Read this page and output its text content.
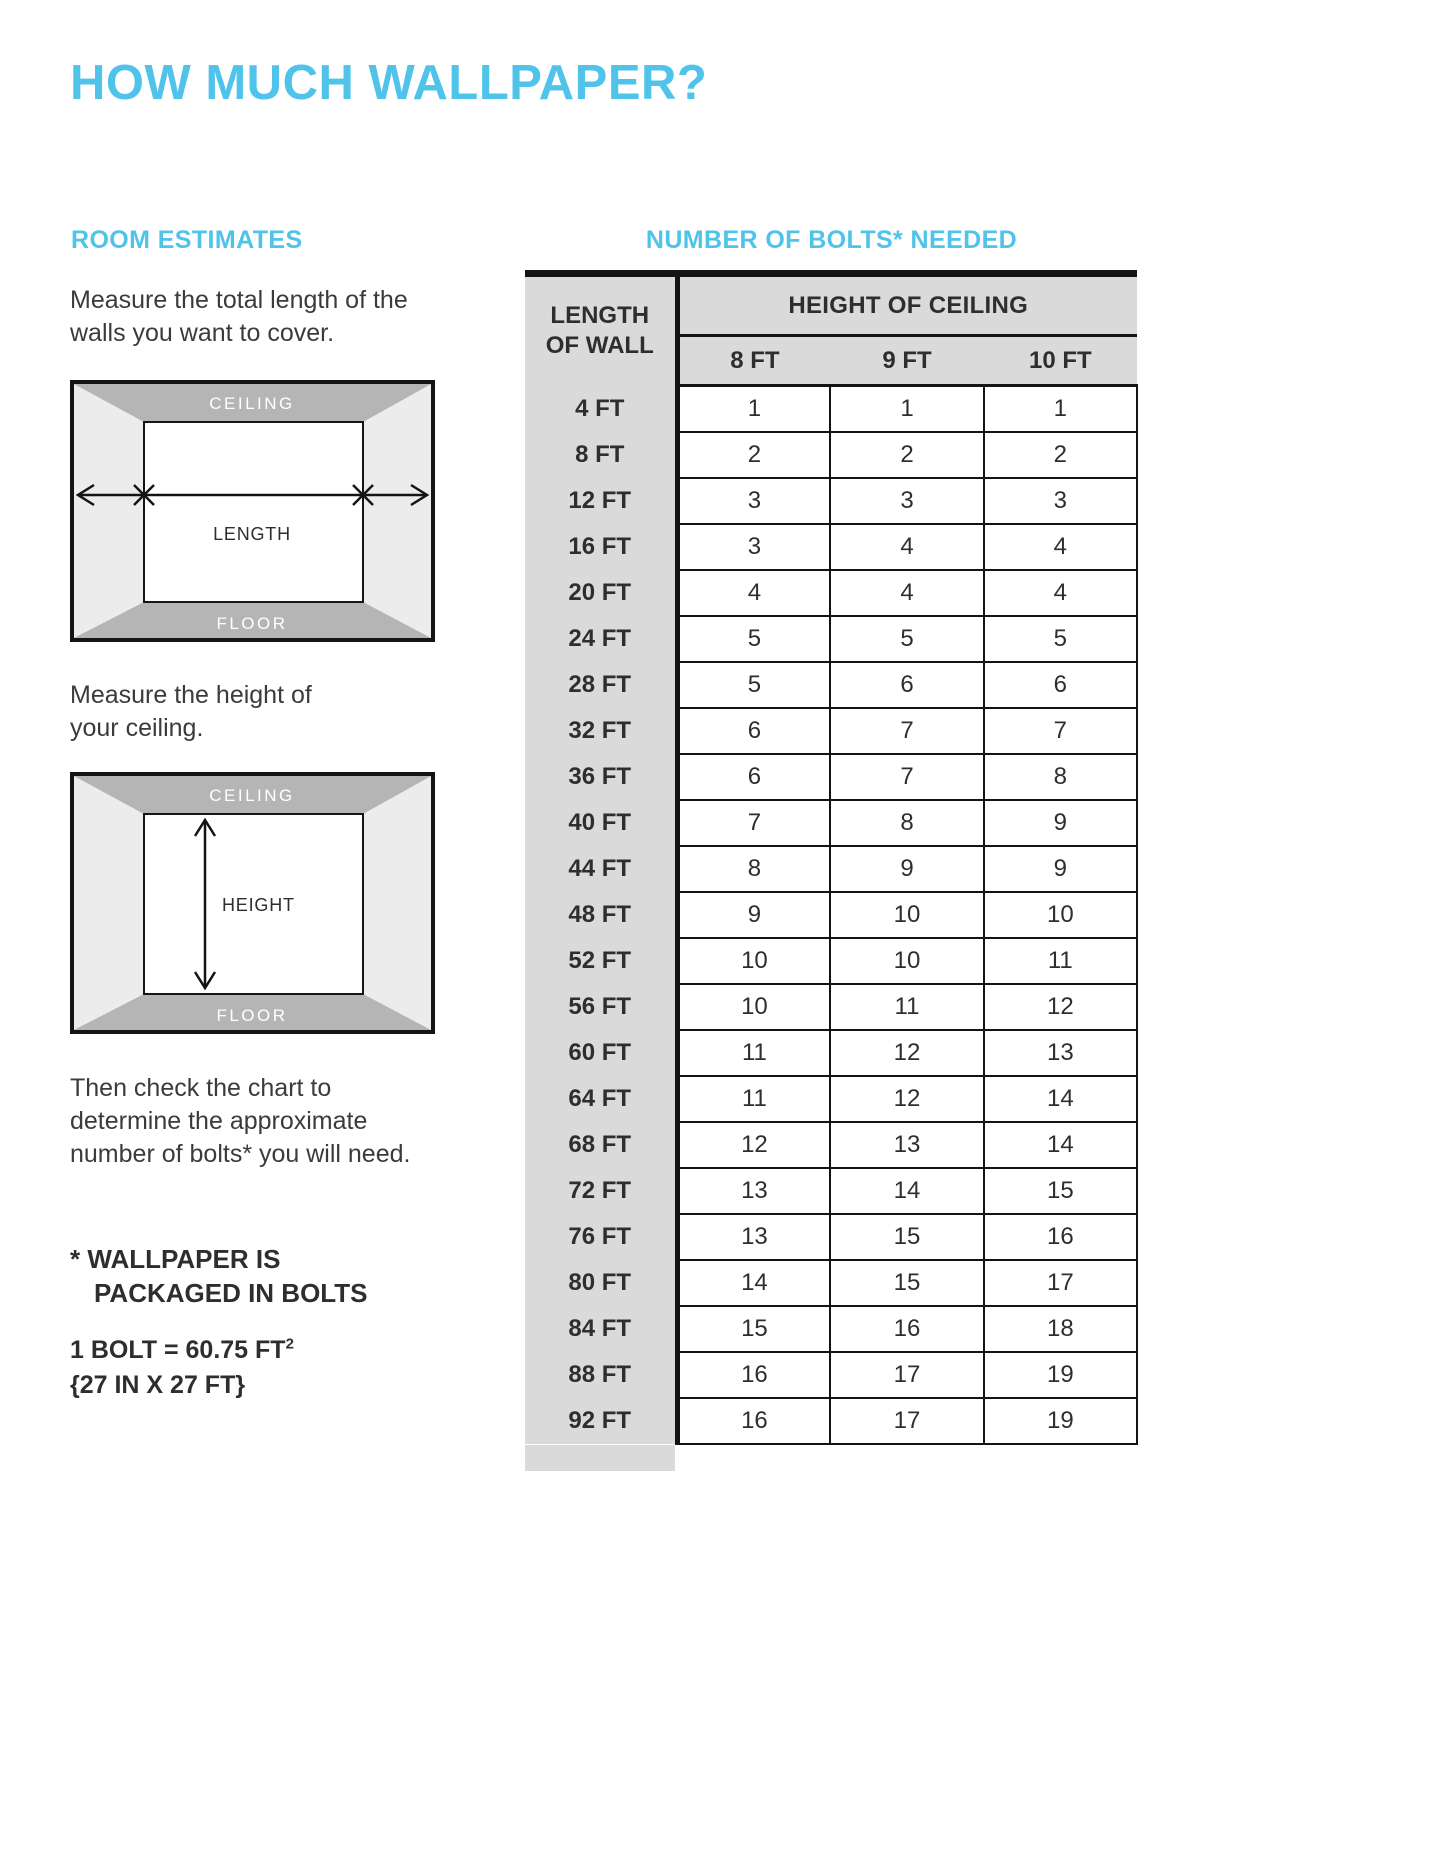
HOW MUCH WALLPAPER?
ROOM ESTIMATES

Measure the total length of the walls you want to cover.

CEILING
FLOOR
LENGTH

Measure the height of your ceiling.

CEILING
FLOOR
HEIGHT

Then check the chart to determine the approximate number of bolts* you will need.

* WALLPAPER IS
PACKAGED IN BOLTS
1 BOLT = 60.75 $FT^2$
{27 IN X 27 FT}
NUMBER OF BOLTS* NEEDED
LENGTH OF WALL	HEIGHT OF CEILING		
	8 FT	9 FT	10 FT
4 FT	1	1	1
8 FT	2	2	2
12 FT	3	3	3
16 FT	3	4	4
20 FT	4	4	4
24 FT	5	5	5
28 FT	5	6	6
32 FT	6	7	7
36 FT	6	7	8
40 FT	7	8	9
44 FT	8	9	9
48 FT	9	10	10
52 FT	10	10	11
56 FT	10	11	12
60 FT	11	12	13
64 FT	11	12	14
68 FT	12	13	14
72 FT	13	14	15
76 FT	13	15	16
80 FT	14	15	17
84 FT	15	16	18
88 FT	16	17	19
92 FT	16	17	19
